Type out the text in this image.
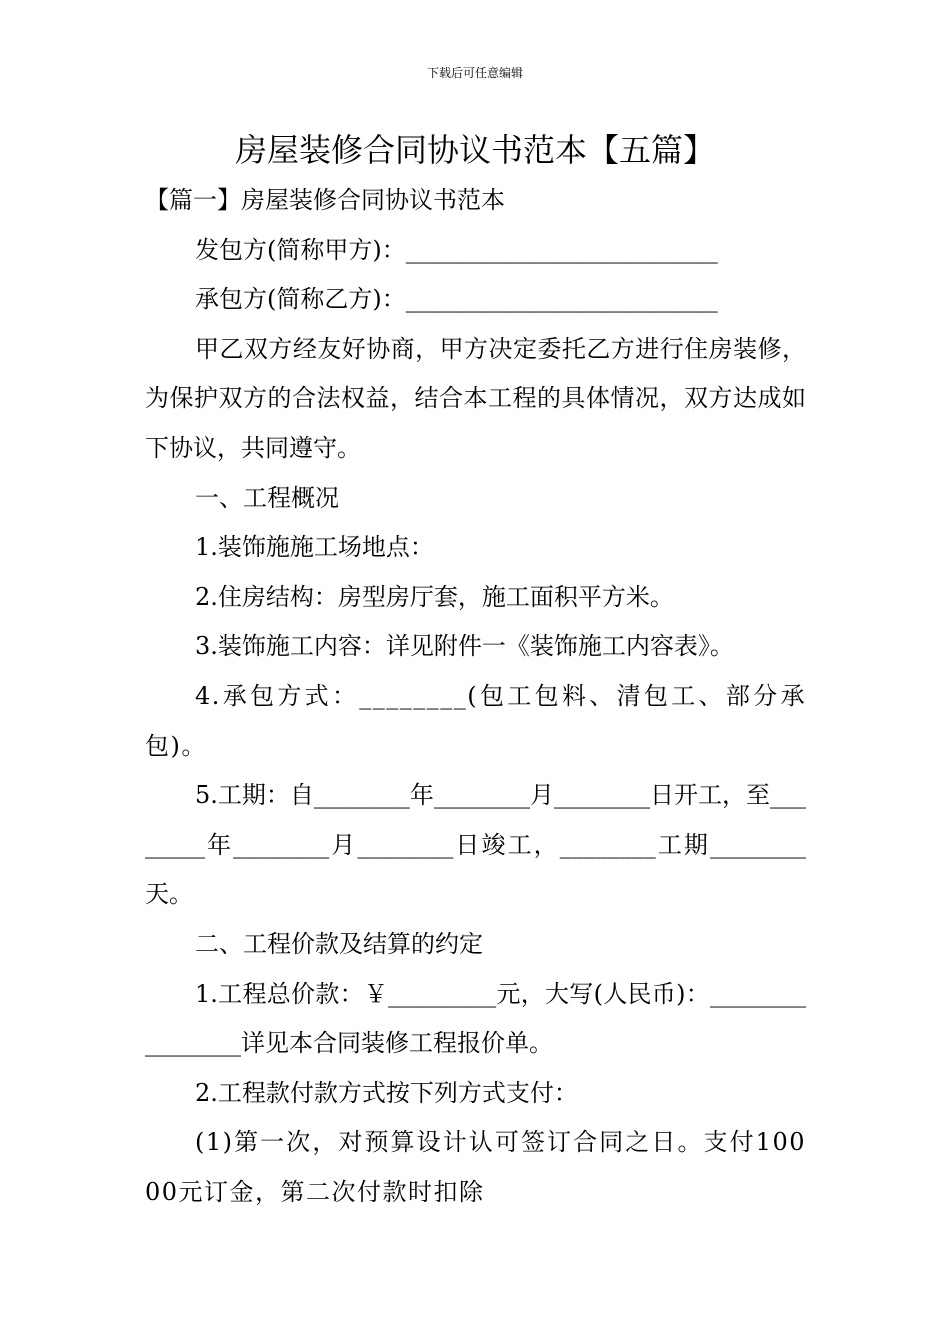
下载后可任意编辑
房屋装修合同协议书范本【五篇】

【篇一】房屋装修合同协议书范本

发包方(简称甲方)：__________________________

承包方(简称乙方)：__________________________

甲乙双方经友好协商，甲方决定委托乙方进行住房装修，为保护双方的合法权益，结合本工程的具体情况，双方达成如下协议，共同遵守。

一、工程概况

1.装饰施施工场地点：

2.住房结构：房型房厅套，施工面积平方米。

3.装饰施工内容：详见附件一《装饰施工内容表》。

4.承包方式：________(包工包料、清包工、部分承包)。

5.工期：自________年________月________日开工，至________年________月________日竣工，________工期________天。

二、工程价款及结算的约定

1.工程总价款：￥_________元，大写(人民币)：________________详见本合同装修工程报价单。

2.工程款付款方式按下列方式支付：

(1)第一次，对预算设计认可签订合同之日。支付10000元订金，第二次付款时扣除
